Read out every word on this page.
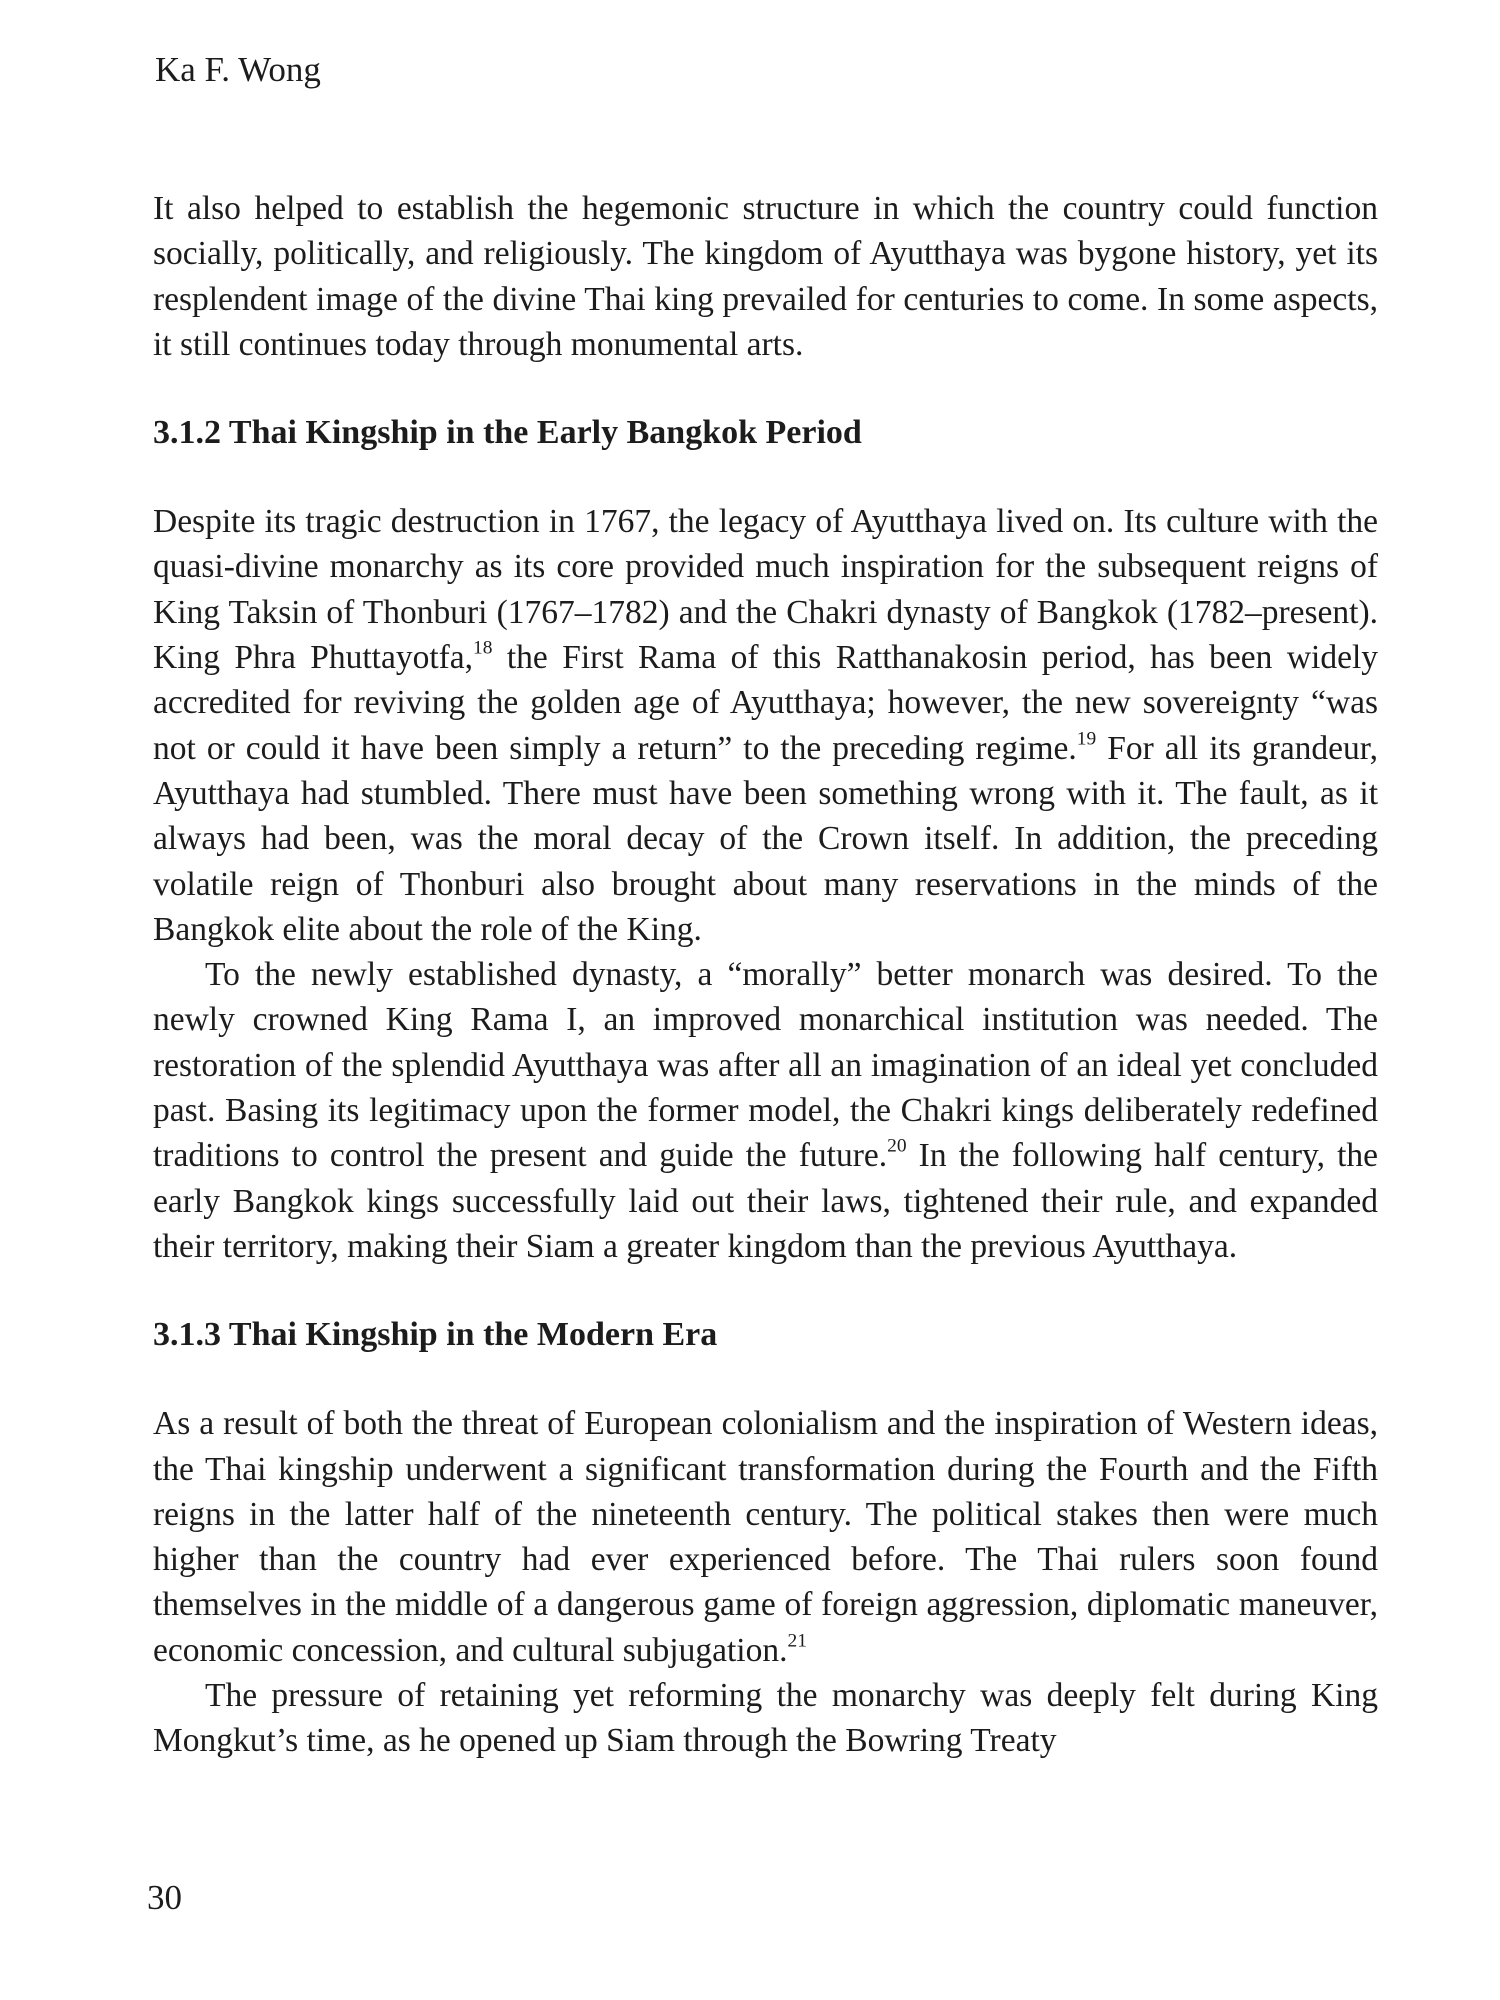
Ka F. Wong

It also helped to establish the hegemonic structure in which the country could function socially, politically, and religiously. The kingdom of Ayutthaya was bygone history, yet its resplendent image of the divine Thai king prevailed for centuries to come. In some aspects, it still continues today through monumental arts.

3.1.2 Thai Kingship in the Early Bangkok Period

Despite its tragic destruction in 1767, the legacy of Ayutthaya lived on. Its culture with the quasi-divine monarchy as its core provided much inspiration for the subsequent reigns of King Taksin of Thonburi (1767–1782) and the Chakri dynasty of Bangkok (1782–present). King Phra Phuttayotfa,$^{18}$ the First Rama of this Ratthanakosin period, has been widely accredited for reviving the golden age of Ayutthaya; however, the new sovereignty “was not or could it have been simply a return” to the preceding regime.$^{19}$ For all its grandeur, Ayutthaya had stumbled. There must have been something wrong with it. The fault, as it always had been, was the moral decay of the Crown itself. In addition, the preceding volatile reign of Thonburi also brought about many reservations in the minds of the Bangkok elite about the role of the King.

To the newly established dynasty, a “morally” better monarch was desired. To the newly crowned King Rama I, an improved monarchical institution was needed. The restoration of the splendid Ayutthaya was after all an imagination of an ideal yet concluded past. Basing its legitimacy upon the former model, the Chakri kings deliberately redefined traditions to control the present and guide the future.$^{20}$ In the following half century, the early Bangkok kings successfully laid out their laws, tightened their rule, and expanded their territory, making their Siam a greater kingdom than the previous Ayutthaya.

3.1.3 Thai Kingship in the Modern Era

As a result of both the threat of European colonialism and the inspiration of Western ideas, the Thai kingship underwent a significant transformation during the Fourth and the Fifth reigns in the latter half of the nineteenth century. The political stakes then were much higher than the country had ever experienced before. The Thai rulers soon found themselves in the middle of a dangerous game of foreign aggression, diplomatic maneuver, economic concession, and cultural subjugation.$^{21}$

The pressure of retaining yet reforming the monarchy was deeply felt during King Mongkut’s time, as he opened up Siam through the Bowring Treaty

30
